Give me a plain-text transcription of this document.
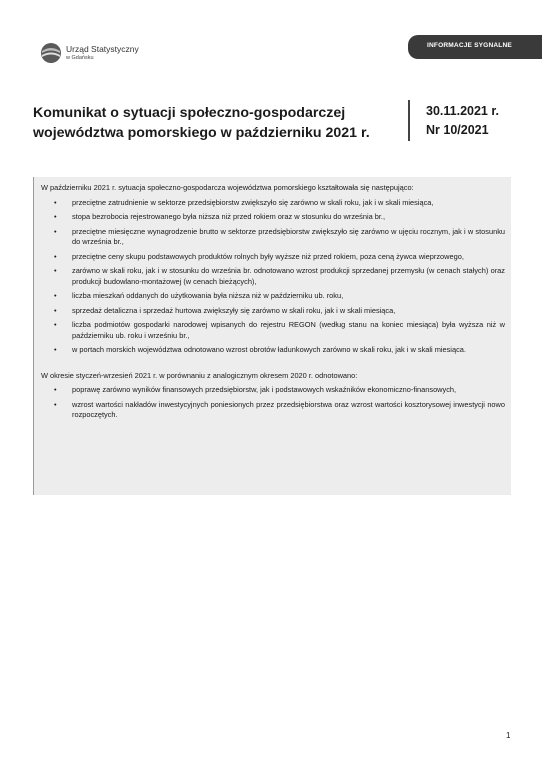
Urząd Statystyczny
w Gdańsku
INFORMACJE SYGNALNE
Komunikat o sytuacji społeczno-gospodarczej
województwa pomorskiego w październiku 2021 r.
30.11.2021 r.
Nr 10/2021

W październiku 2021 r. sytuacja społeczno-gospodarcza województwa pomorskiego kształtowała się następująco:

• przeciętne zatrudnienie w sektorze przedsiębiorstw zwiększyło się zarówno w skali roku, jak i w skali miesiąca,
• stopa bezrobocia rejestrowanego była niższa niż przed rokiem oraz w stosunku do września br.,
• przeciętne miesięczne wynagrodzenie brutto w sektorze przedsiębiorstw zwiększyło się zarówno w ujęciu rocznym, jak i w stosunku do września br.,
• przeciętne ceny skupu podstawowych produktów rolnych były wyższe niż przed rokiem, poza ceną żywca wieprzowego,
• zarówno w skali roku, jak i w stosunku do września br. odnotowano wzrost produkcji sprzedanej przemysłu (w cenach stałych) oraz produkcji budowlano-montażowej (w cenach bieżących),
• liczba mieszkań oddanych do użytkowania była niższa niż w październiku ub. roku,
• sprzedaż detaliczna i sprzedaż hurtowa zwiększyły się zarówno w skali roku, jak i w skali miesiąca,
• liczba podmiotów gospodarki narodowej wpisanych do rejestru REGON (według stanu na koniec miesiąca) była wyższa niż w październiku ub. roku i wrześniu br.,
• w portach morskich województwa odnotowano wzrost obrotów ładunkowych zarówno w skali roku, jak i w skali miesiąca.

W okresie styczeń-wrzesień 2021 r. w porównaniu z analogicznym okresem 2020 r. odnotowano:

• poprawę zarówno wyników finansowych przedsiębiorstw, jak i podstawowych wskaźników ekonomiczno-finansowych,
• wzrost wartości nakładów inwestycyjnych poniesionych przez przedsiębiorstwa oraz wzrost wartości kosztorysowej inwestycji nowo rozpoczętych.
1
